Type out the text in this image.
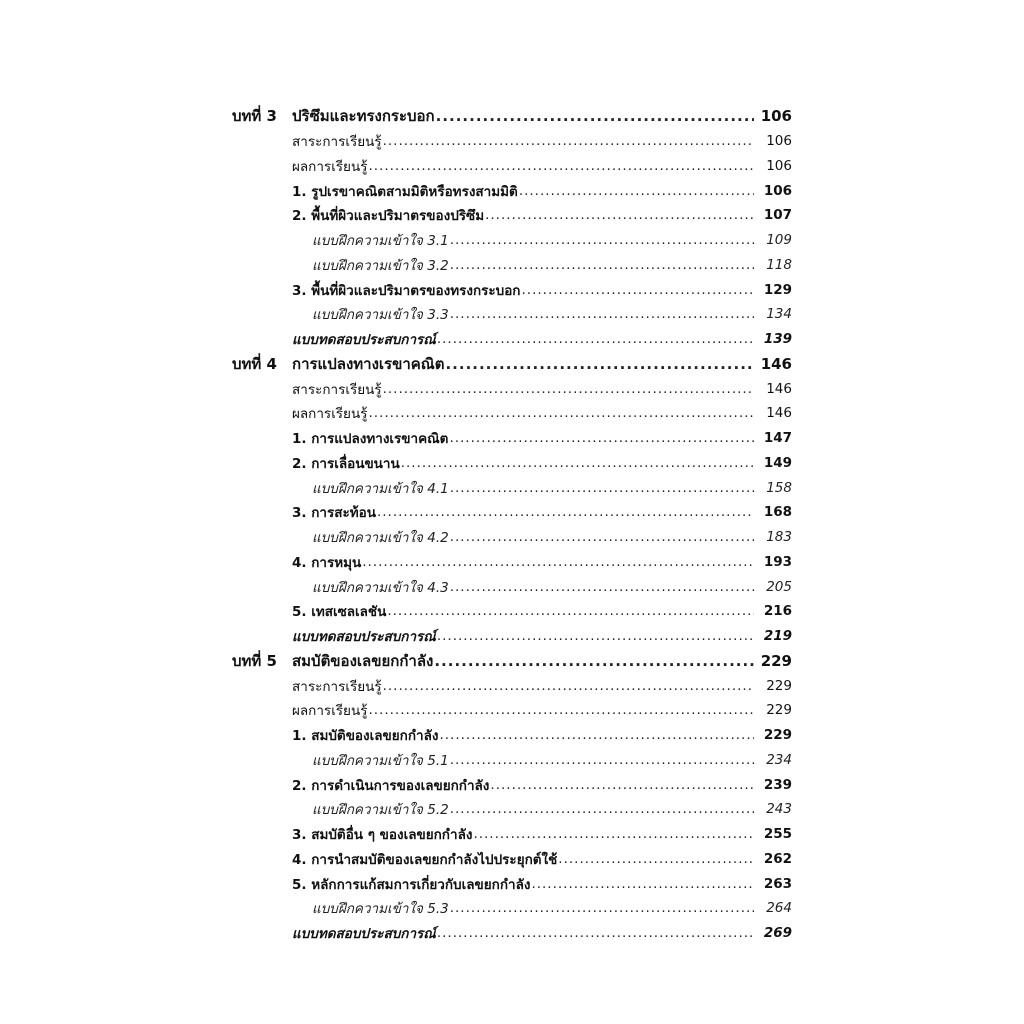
บทที่ 3	ปริซึมและทรงกระบอก .....	106
สาระการเรียนรู้ .....	106
ผลการเรียนรู้ .....	106
1. รูปเรขาคณิตสามมิติหรือทรงสามมิติ .....	106
2. พื้นที่ผิวและปริมาตรของปริซึม .....	107
แบบฝึกความเข้าใจ 3.1 .....	109
แบบฝึกความเข้าใจ 3.2 .....	118
3. พื้นที่ผิวและปริมาตรของทรงกระบอก .....	129
แบบฝึกความเข้าใจ 3.3 .....	134
แบบทดสอบประสบการณ์ .....	139
บทที่ 4	การแปลงทางเรขาคณิต .....	146
สาระการเรียนรู้ .....	146
ผลการเรียนรู้ .....	146
1. การแปลงทางเรขาคณิต .....	147
2. การเลื่อนขนาน .....	149
แบบฝึกความเข้าใจ 4.1 .....	158
3. การสะท้อน .....	168
แบบฝึกความเข้าใจ 4.2 .....	183
4. การหมุน .....	193
แบบฝึกความเข้าใจ 4.3 .....	205
5. เทสเซลเลชัน .....	216
แบบทดสอบประสบการณ์ .....	219
บทที่ 5	สมบัติของเลขยกกำลัง .....	229
สาระการเรียนรู้ .....	229
ผลการเรียนรู้ .....	229
1. สมบัติของเลขยกกำลัง .....	229
แบบฝึกความเข้าใจ 5.1 .....	234
2. การดำเนินการของเลขยกกำลัง .....	239
แบบฝึกความเข้าใจ 5.2 .....	243
3. สมบัติอื่น ๆ ของเลขยกกำลัง .....	255
4. การนำสมบัติของเลขยกกำลังไปประยุกต์ใช้ .....	262
5. หลักการแก้สมการเกี่ยวกับเลขยกกำลัง .....	263
แบบฝึกความเข้าใจ 5.3 .....	264
แบบทดสอบประสบการณ์ .....	269
